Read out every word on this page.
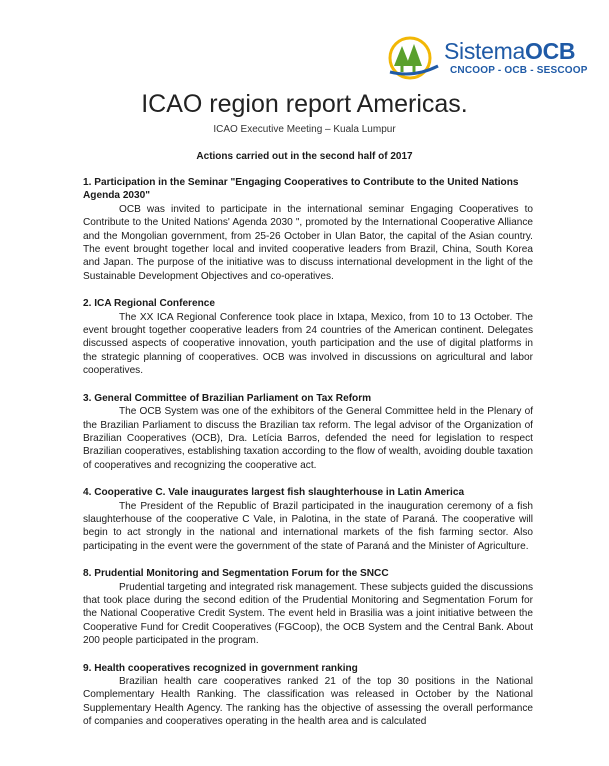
SistemaOCB
CNCOOP - OCB - SESCOOP
ICAO region report Americas.
ICAO Executive Meeting – Kuala Lumpur
Actions carried out in the second half of 2017
1. Participation in the Seminar "Engaging Cooperatives to Contribute to the United Nations Agenda 2030"

OCB was invited to participate in the international seminar Engaging Cooperatives to Contribute to the United Nations' Agenda 2030 ", promoted by the International Cooperative Alliance and the Mongolian government, from 25-26 October in Ulan Bator, the capital of the Asian country. The event brought together local and invited cooperative leaders from Brazil, China, South Korea and Japan. The purpose of the initiative was to discuss international development in the light of the Sustainable Development Objectives and co-operatives.

2. ICA Regional Conference

The XX ICA Regional Conference took place in Ixtapa, Mexico, from 10 to 13 October. The event brought together cooperative leaders from 24 countries of the American continent. Delegates discussed aspects of cooperative innovation, youth participation and the use of digital platforms in the strategic planning of cooperatives. OCB was involved in discussions on agricultural and labor cooperatives.

3. General Committee of Brazilian Parliament on Tax Reform

The OCB System was one of the exhibitors of the General Committee held in the Plenary of the Brazilian Parliament to discuss the Brazilian tax reform. The legal advisor of the Organization of Brazilian Cooperatives (OCB), Dra. Letícia Barros, defended the need for legislation to respect Brazilian cooperatives, establishing taxation according to the flow of wealth, avoiding double taxation of cooperatives and recognizing the cooperative act.

4. Cooperative C. Vale inaugurates largest fish slaughterhouse in Latin America

The President of the Republic of Brazil participated in the inauguration ceremony of a fish slaughterhouse of the cooperative C Vale, in Palotina, in the state of Paraná. The cooperative will begin to act strongly in the national and international markets of the fish farming sector. Also participating in the event were the government of the state of Paraná and the Minister of Agriculture.

8. Prudential Monitoring and Segmentation Forum for the SNCC

Prudential targeting and integrated risk management. These subjects guided the discussions that took place during the second edition of the Prudential Monitoring and Segmentation Forum for the National Cooperative Credit System. The event held in Brasilia was a joint initiative between the Cooperative Fund for Credit Cooperatives (FGCoop), the OCB System and the Central Bank. About 200 people participated in the program.

9. Health cooperatives recognized in government ranking

Brazilian health care cooperatives ranked 21 of the top 30 positions in the National Complementary Health Ranking. The classification was released in October by the National Supplementary Health Agency. The ranking has the objective of assessing the overall performance of companies and cooperatives operating in the health area and is calculated
